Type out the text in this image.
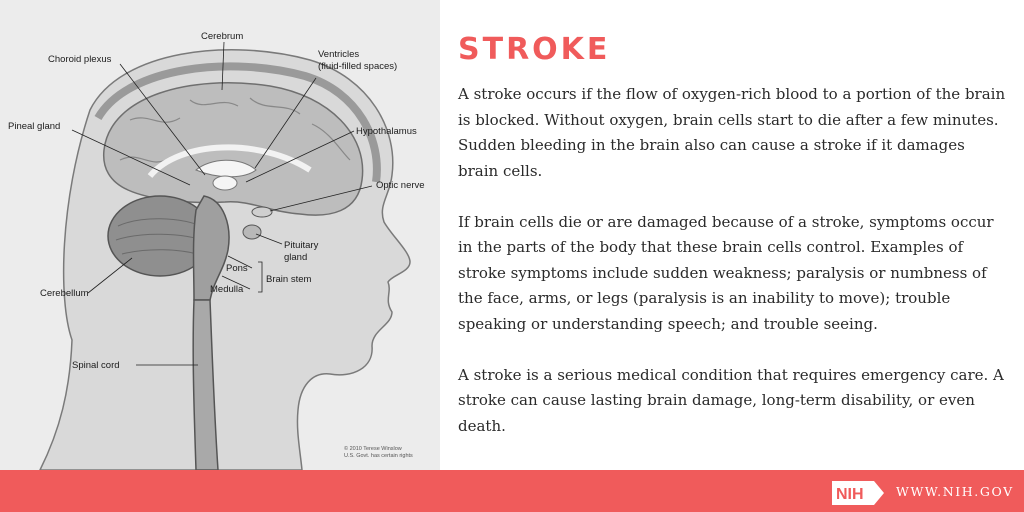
Cerebrum
Choroid plexus	Ventricles
(fluid-filled spaces)
Pineal gland	Hypothalamus
Optic nerve
Pituitary
gland
Pons
Brain stem
Medulla
Cerebellum
Spinal cord
© 2010 Terese Winslow
U.S. Govt. has certain rights
STROKE

A stroke occurs if the flow of oxygen-rich blood to a portion of the brain is blocked. Without oxygen, brain cells start to die after a few minutes. Sudden bleeding in the brain also can cause a stroke if it damages brain cells.

If brain cells die or are damaged because of a stroke, symptoms occur in the parts of the body that these brain cells control. Examples of stroke symptoms include sudden weakness; paralysis or numbness of the face, arms, or legs (paralysis is an inability to move); trouble speaking or understanding speech; and trouble seeing.

A stroke is a serious medical condition that requires emergency care. A stroke can cause lasting brain damage, long-term disability, or even death.

NIH	WWW.NIH.GOV
